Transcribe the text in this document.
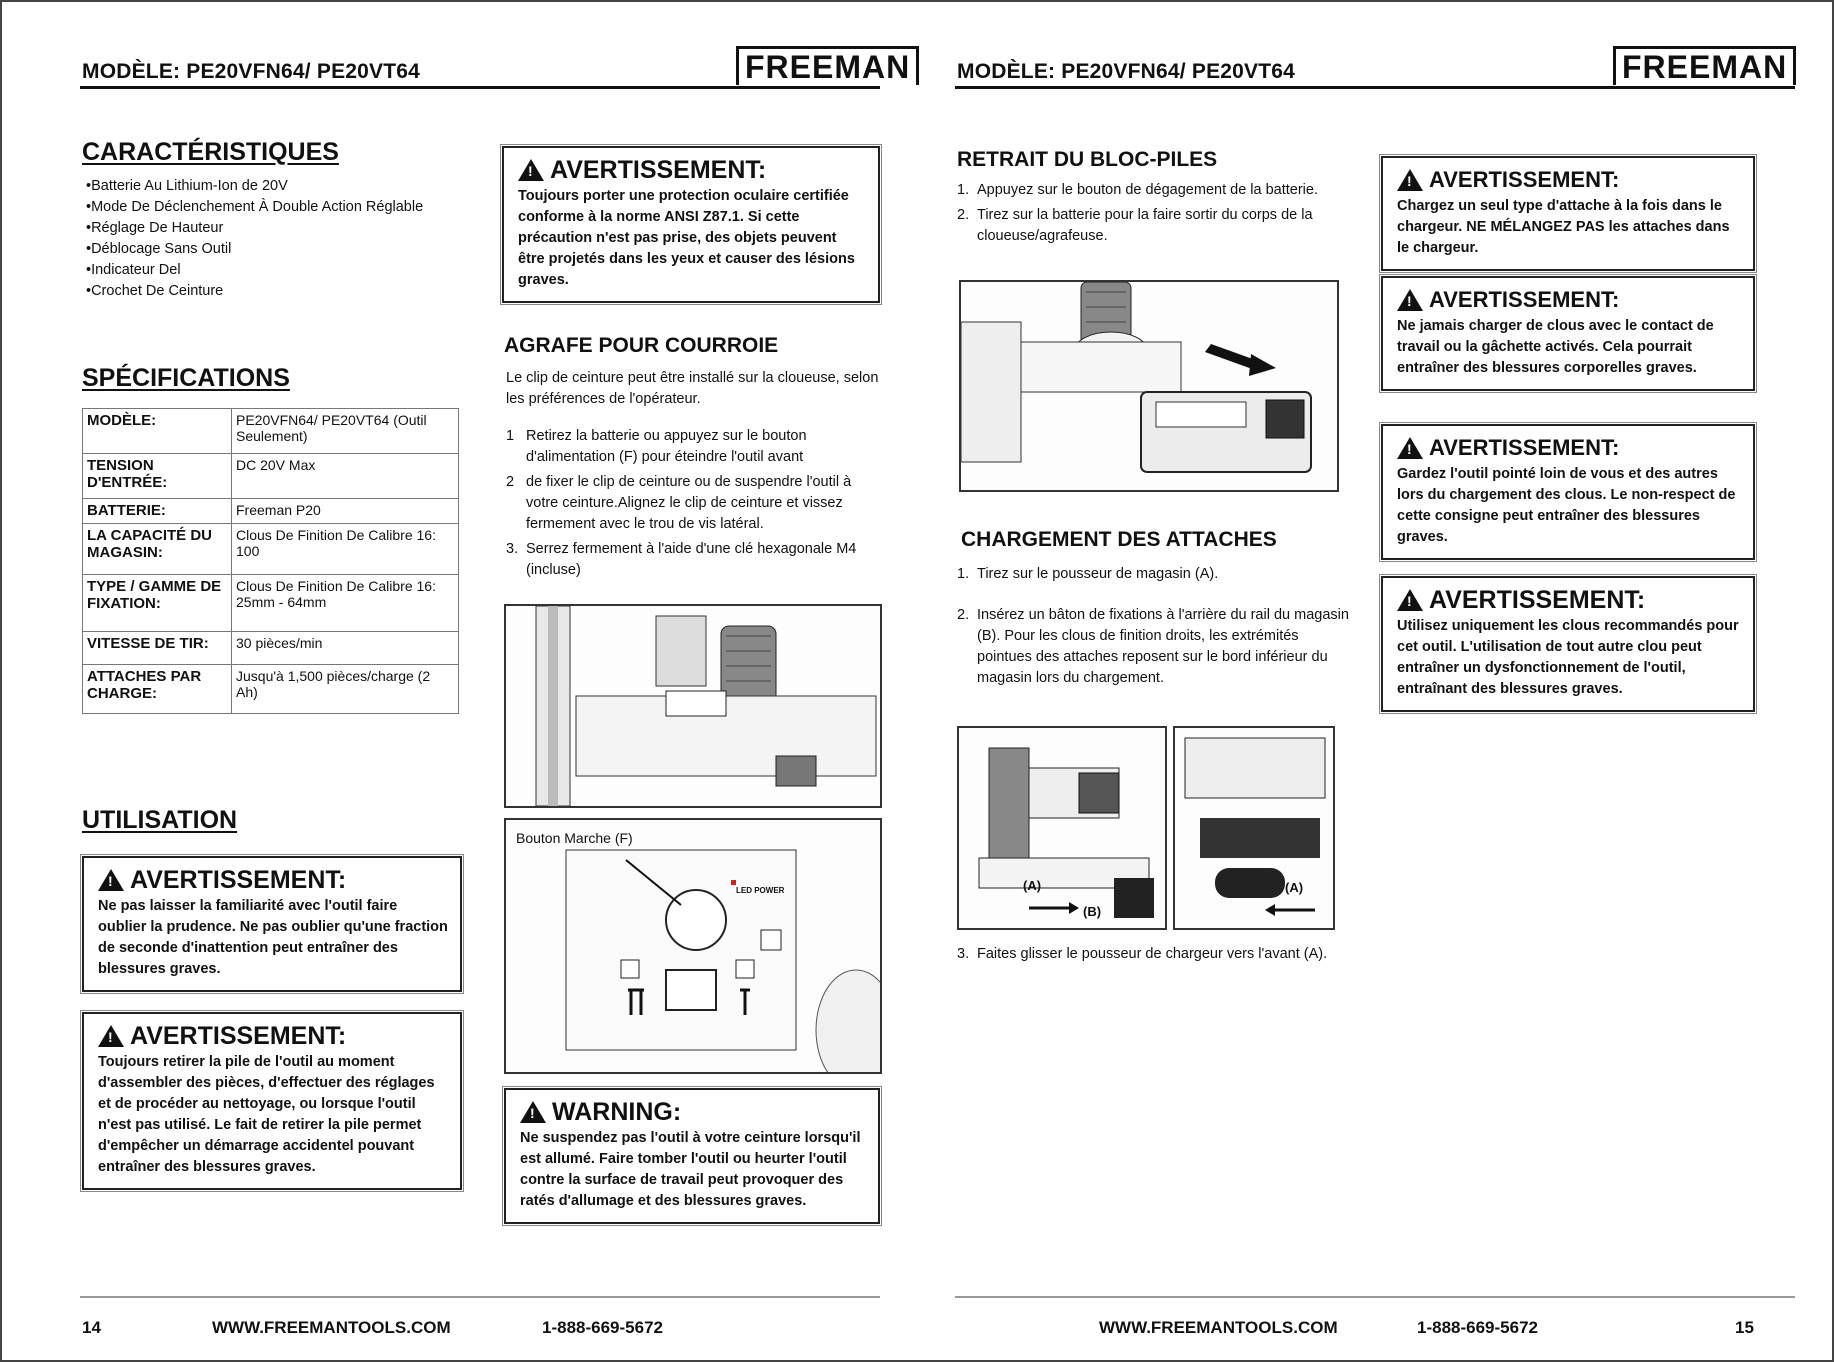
MODÈLE: PE20VFN64/ PE20VT64	FREEMAN
CARACTÉRISTIQUES
• Batterie Au Lithium-Ion de 20V
• Mode De Déclenchement À Double Action Réglable
• Réglage De Hauteur
• Déblocage Sans Outil
• Indicateur Del
• Crochet De Ceinture
SPÉCIFICATIONS
MODÈLE:	PE20VFN64/ PE20VT64 (Outil Seulement)
TENSION D'ENTRÉE:	DC 20V Max
BATTERIE:	Freeman P20
LA CAPACITÉ DU MAGASIN:	Clous De Finition De Calibre 16: 100
TYPE / GAMME DE FIXATION:	Clous De Finition De Calibre 16: 25mm - 64mm
VITESSE DE TIR:	30 pièces/min
ATTACHES PAR CHARGE:	Jusqu'à 1,500 pièces/charge (2 Ah)
UTILISATION
!
AVERTISSEMENT:
Ne pas laisser la familiarité avec l'outil faire oublier la prudence. Ne pas oublier qu'une fraction de seconde d'inattention peut entraîner des blessures graves.
!
AVERTISSEMENT:
Toujours retirer la pile de l'outil au moment d'assembler des pièces, d'effectuer des réglages et de procéder au nettoyage, ou lorsque l'outil n'est pas utilisé. Le fait de retirer la pile permet d'empêcher un démarrage accidentel pouvant entraîner des blessures graves.
!
AVERTISSEMENT:
Toujours porter une protection oculaire certifiée conforme à la norme ANSI Z87.1. Si cette précaution n'est pas prise, des objets peuvent être projetés dans les yeux et causer des lésions graves.
AGRAFE POUR COURROIE
Le clip de ceinture peut être installé sur la cloueuse, selon les préférences de l'opérateur.
1 Retirez la batterie ou appuyez sur le bouton d'alimentation (F) pour éteindre l'outil avant
2 de fixer le clip de ceinture ou de suspendre l'outil à votre ceinture.Alignez le clip de ceinture et vissez fermement avec le trou de vis latéral.
3. Serrez fermement à l'aide d'une clé hexagonale M4 (incluse)
Bouton Marche (F)
LED POWER
!
WARNING:
Ne suspendez pas l'outil à votre ceinture lorsqu'il est allumé. Faire tomber l'outil ou heurter l'outil contre la surface de travail peut provoquer des ratés d'allumage et des blessures graves.
14	WWW.FREEMANTOOLS.COM	1-888-669-5672
MODÈLE: PE20VFN64/ PE20VT64	FREEMAN
RETRAIT DU BLOC-PILES
1. Appuyez sur le bouton de dégagement de la batterie.
2. Tirez sur la batterie pour la faire sortir du corps de la cloueuse/agrafeuse.
CHARGEMENT DES ATTACHES
1. Tirez sur le pousseur de magasin (A).
2. Insérez un bâton de fixations à l'arrière du rail du magasin (B). Pour les clous de finition droits, les extrémités pointues des attaches reposent sur le bord inférieur du magasin lors du chargement.
(A)
(B)
(A)
3. Faites glisser le pousseur de chargeur vers l'avant (A).
!
AVERTISSEMENT:
Chargez un seul type d'attache à la fois dans le chargeur. NE MÉLANGEZ PAS les attaches dans le chargeur.
!
AVERTISSEMENT:
Ne jamais charger de clous avec le contact de travail ou la gâchette activés. Cela pourrait entraîner des blessures corporelles graves.
!
AVERTISSEMENT:
Gardez l'outil pointé loin de vous et des autres lors du chargement des clous. Le non-respect de cette consigne peut entraîner des blessures graves.
!
AVERTISSEMENT:
Utilisez uniquement les clous recommandés pour cet outil. L'utilisation de tout autre clou peut entraîner un dysfonctionnement de l'outil, entraînant des blessures graves.
WWW.FREEMANTOOLS.COM	1-888-669-5672	15
